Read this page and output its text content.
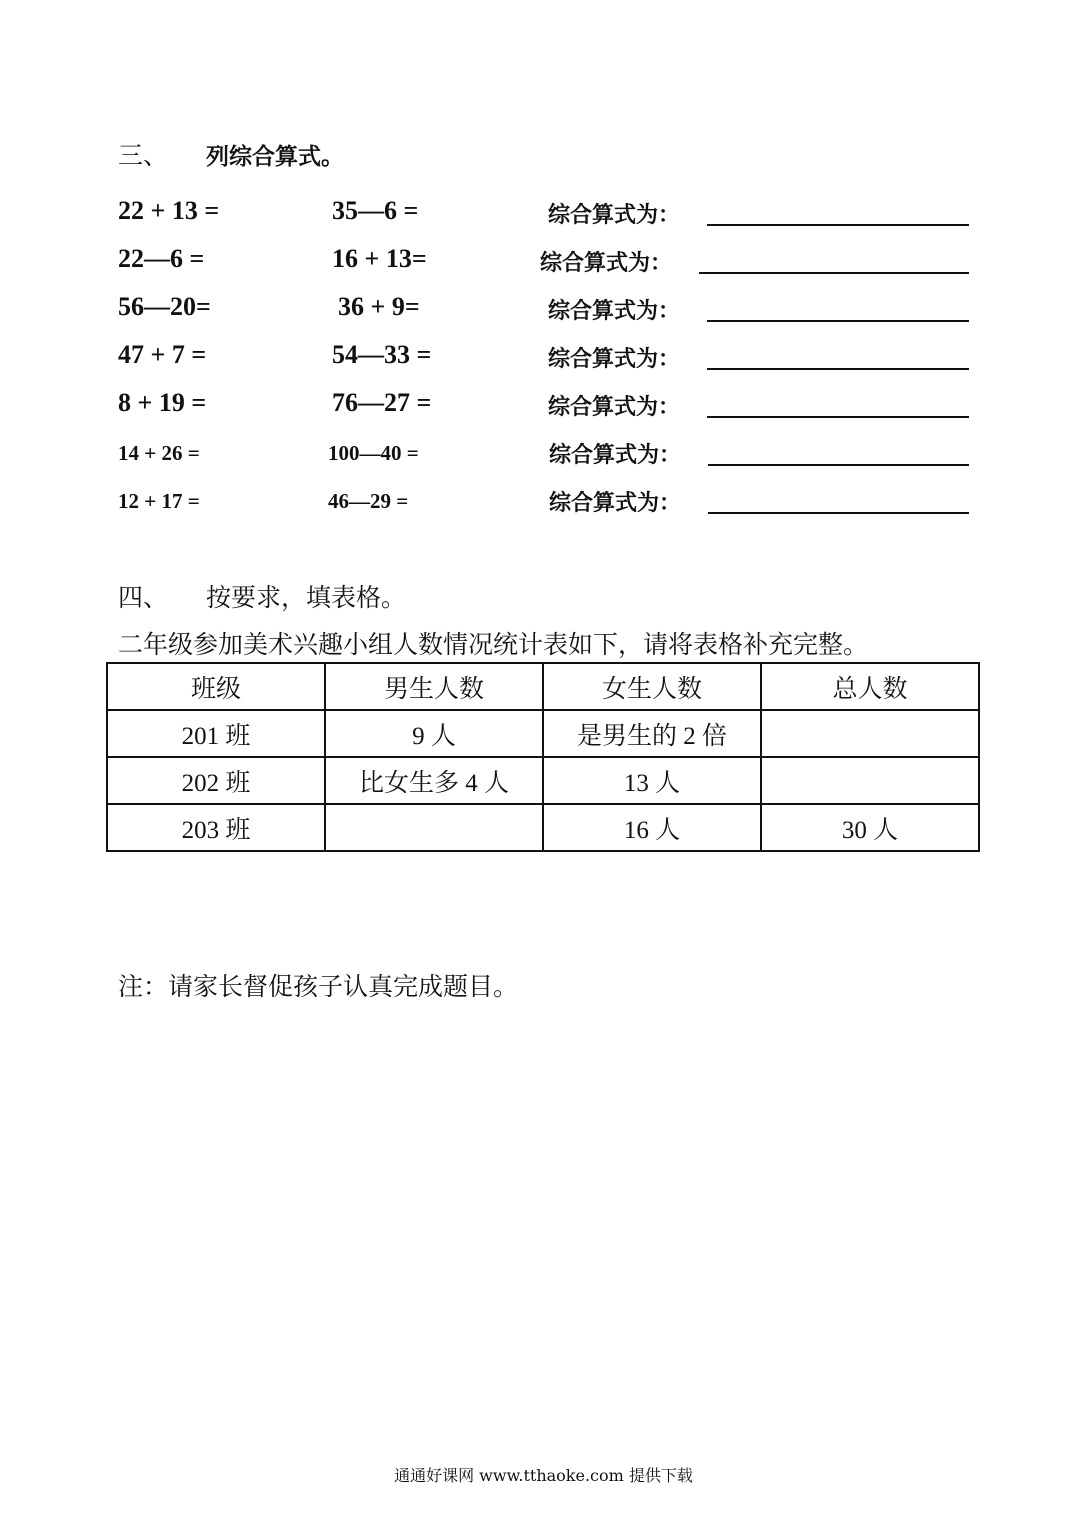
三、 列综合算式。
22 + 13 =	35—6 =	综合算式为：
22—6 =	16 + 13=	综合算式为：
56—20=	36 + 9=	综合算式为：
47 + 7 =	54—33 =	综合算式为：
8 + 19 =	76—27 =	综合算式为：
14 + 26 =	100—40 =	综合算式为：
12 + 17 =	46—29 =	综合算式为：
四、 按要求，填表格。
二年级参加美术兴趣小组人数情况统计表如下，请将表格补充完整。
班级	男生人数	女生人数	总人数
201 班	9 人	是男生的 2 倍	
202 班	比女生多 4 人	13 人	
203 班		16 人	30 人
注：请家长督促孩子认真完成题目。
通通好课网 www.tthaoke.com 提供下载
